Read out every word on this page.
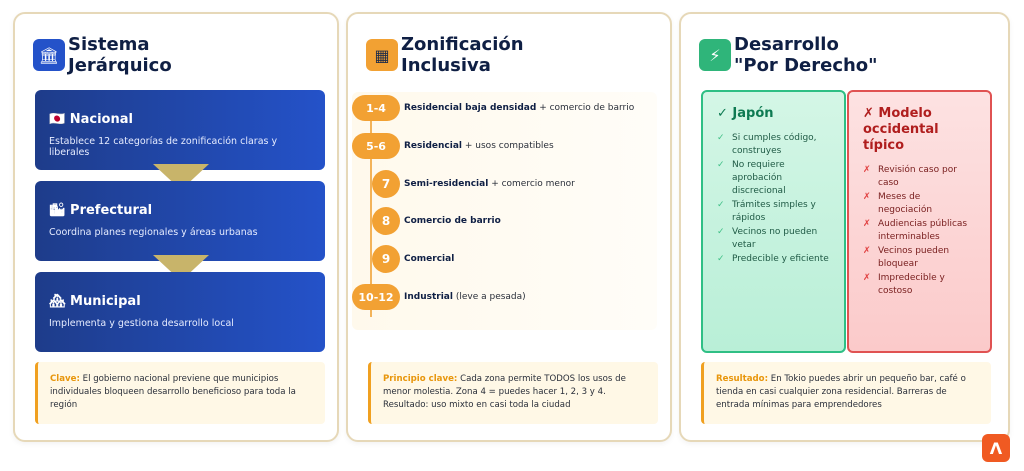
🏛 Sistema
Jerárquico
🇯🇵 Nacional
Establece 12 categorías de zonificación claras y liberales
🏙 Prefectural
Coordina planes regionales y áreas urbanas
🏘 Municipal
Implementa y gestiona desarrollo local
Clave: El gobierno nacional previene que municipios individuales bloqueen desarrollo beneficioso para toda la región
▦ Zonificación
Inclusiva
1-4	Residencial baja densidad + comercio de barrio
5-6	Residencial + usos compatibles
7	Semi-residencial + comercio menor
8	Comercio de barrio
9	Comercial
10-12	Industrial (leve a pesada)
Principio clave: Cada zona permite TODOS los usos de menor molestia. Zona 4 = puedes hacer 1, 2, 3 y 4. Resultado: uso mixto en casi toda la ciudad
⚡ Desarrollo
"Por Derecho"
✓ Japón
✓ Si cumples código, construyes
✓ No requiere aprobación discrecional
✓ Trámites simples y rápidos
✓ Vecinos no pueden vetar
✓ Predecible y eficiente
✗ Modelo occidental típico
✗ Revisión caso por caso
✗ Meses de negociación
✗ Audiencias públicas interminables
✗ Vecinos pueden bloquear
✗ Impredecible y costoso
Resultado: En Tokio puedes abrir un pequeño bar, café o tienda en casi cualquier zona residencial. Barreras de entrada mínimas para emprendedores
Λ
